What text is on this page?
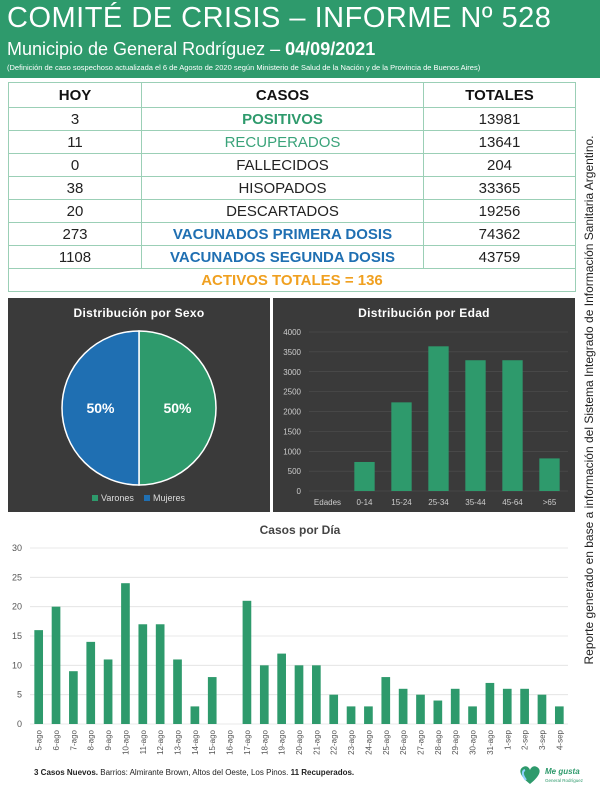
COMITÉ DE CRISIS – INFORME Nº 528
Municipio de General Rodríguez – 04/09/2021
(Definición de caso sospechoso actualizada el 6 de Agosto de 2020 según Ministerio de Salud de la Nación y de la Provincia de Buenos Aires)
HOY	CASOS	TOTALES
3	POSITIVOS	13981
11	RECUPERADOS	13641
0	FALLECIDOS	204
38	HISOPADOS	33365
20	DESCARTADOS	19256
273	VACUNADOS PRIMERA DOSIS	74362
1108	VACUNADOS SEGUNDA DOSIS	43759
ACTIVOS TOTALES = 136			Reporte generado en base a información del Sistema Integrado de Información Sanitaria Argentino.
Distribución por Sexo
50%
50%
Varones Mujeres
Distribución por Edad
0
500
1000
1500
2000
2500
3000
3500
4000
Edades 0-14 15-24 25-34 35-44 45-64 >65
Casos por Día
0
5
10
15
20
25
30
5-ago 6-ago 7-ago 8-ago 9-ago 10-ago 11-ago 12-ago 13-ago 14-ago 15-ago 16-ago 17-ago 18-ago 19-ago 20-ago 21-ago 22-ago 23-ago 24-ago 25-ago 26-ago 27-ago 28-ago 29-ago 30-ago 31-ago 1-sep 2-sep 3-sep 4-sep
3 Casos Nuevos. Barrios: Almirante Brown, Altos del Oeste, Los Pinos. 11 Recuperados.	Me gusta
General Rodríguez
